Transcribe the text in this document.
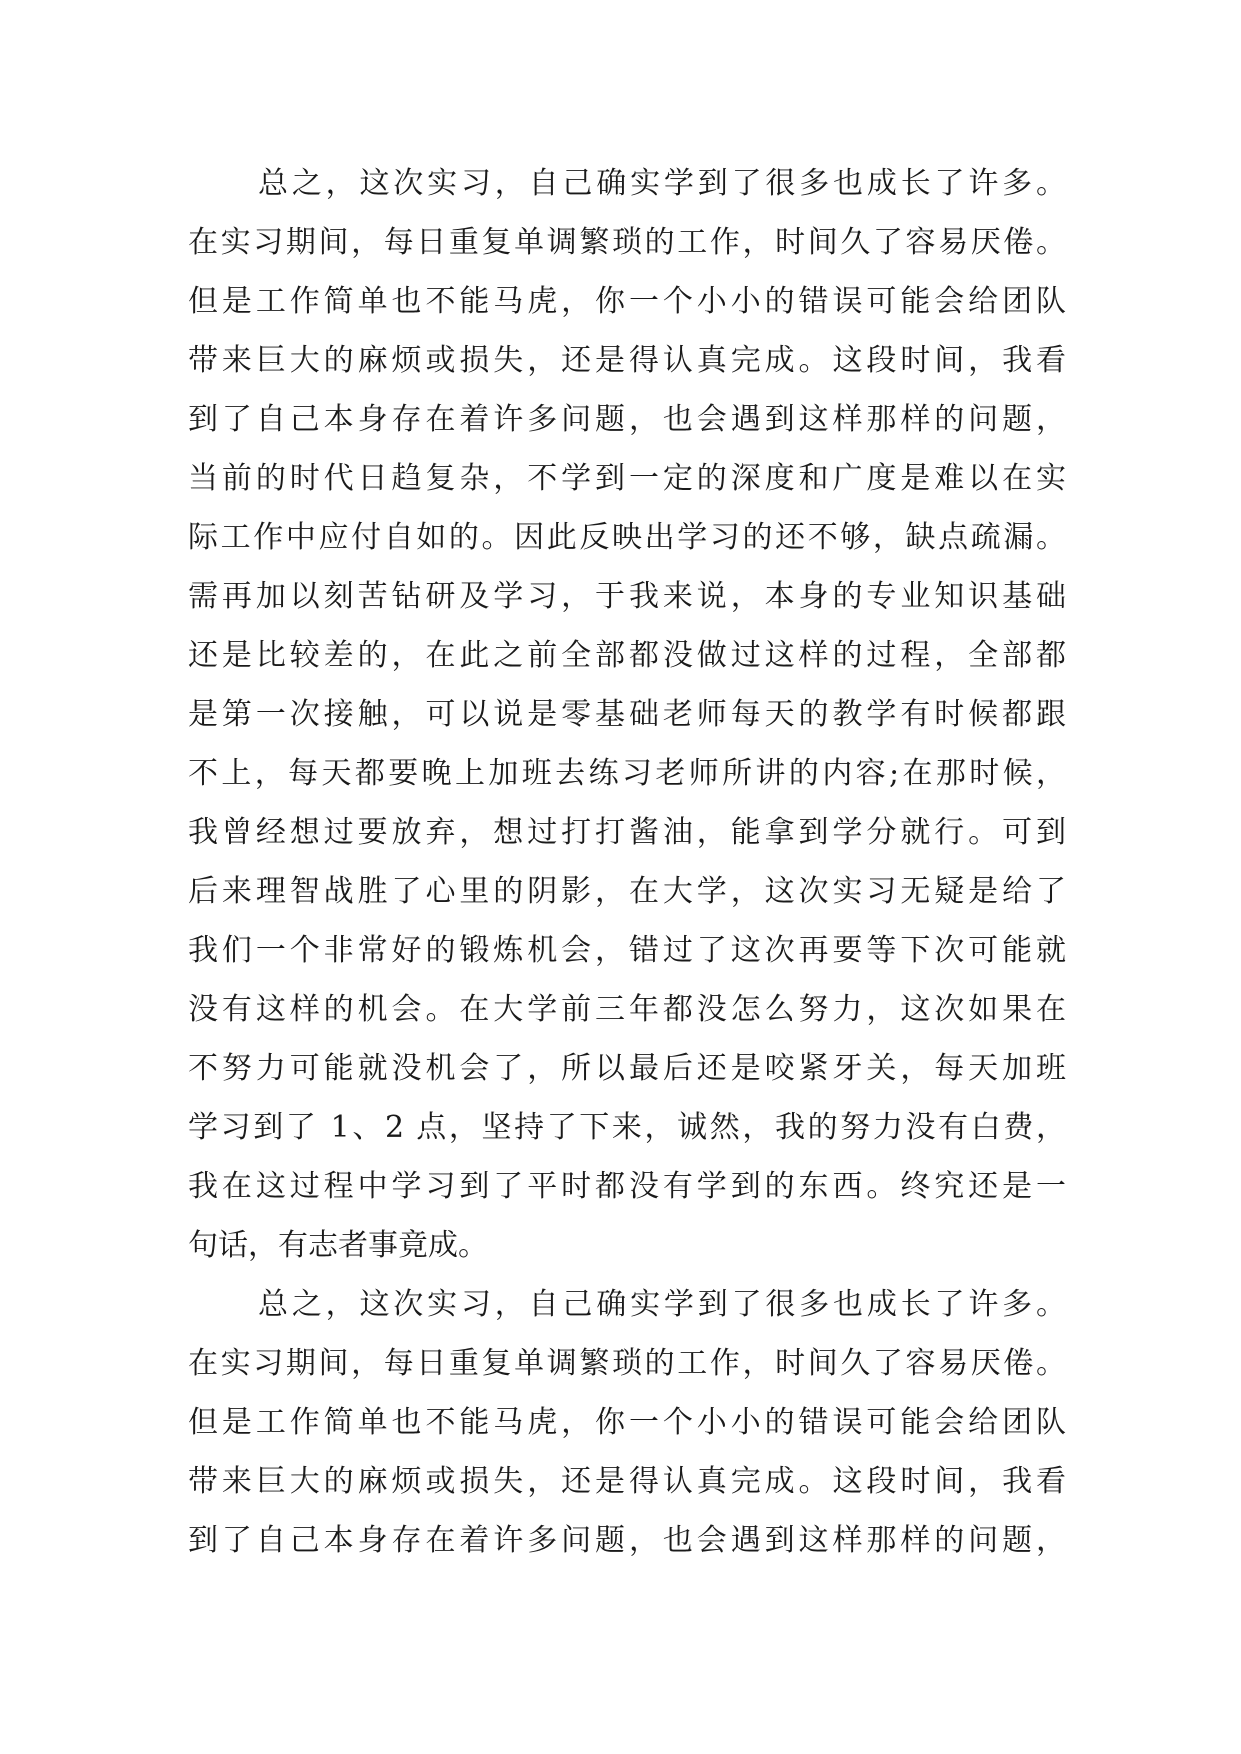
总之，这次实习，自己确实学到了很多也成长了许多。
在实习期间，每日重复单调繁琐的工作，时间久了容易厌倦。
但是工作简单也不能马虎，你一个小小的错误可能会给团队
带来巨大的麻烦或损失，还是得认真完成。这段时间，我看
到了自己本身存在着许多问题，也会遇到这样那样的问题，
当前的时代日趋复杂，不学到一定的深度和广度是难以在实
际工作中应付自如的。因此反映出学习的还不够，缺点疏漏。
需再加以刻苦钻研及学习，于我来说，本身的专业知识基础
还是比较差的，在此之前全部都没做过这样的过程，全部都
是第一次接触，可以说是零基础老师每天的教学有时候都跟
不上，每天都要晚上加班去练习老师所讲的内容;在那时候，
我曾经想过要放弃，想过打打酱油，能拿到学分就行。可到
后来理智战胜了心里的阴影，在大学，这次实习无疑是给了
我们一个非常好的锻炼机会，错过了这次再要等下次可能就
没有这样的机会。在大学前三年都没怎么努力，这次如果在
不努力可能就没机会了，所以最后还是咬紧牙关，每天加班
学习到了 1、2 点，坚持了下来，诚然，我的努力没有白费，
我在这过程中学习到了平时都没有学到的东西。终究还是一
句话，有志者事竟成。
总之，这次实习，自己确实学到了很多也成长了许多。
在实习期间，每日重复单调繁琐的工作，时间久了容易厌倦。
但是工作简单也不能马虎，你一个小小的错误可能会给团队
带来巨大的麻烦或损失，还是得认真完成。这段时间，我看
到了自己本身存在着许多问题，也会遇到这样那样的问题，
